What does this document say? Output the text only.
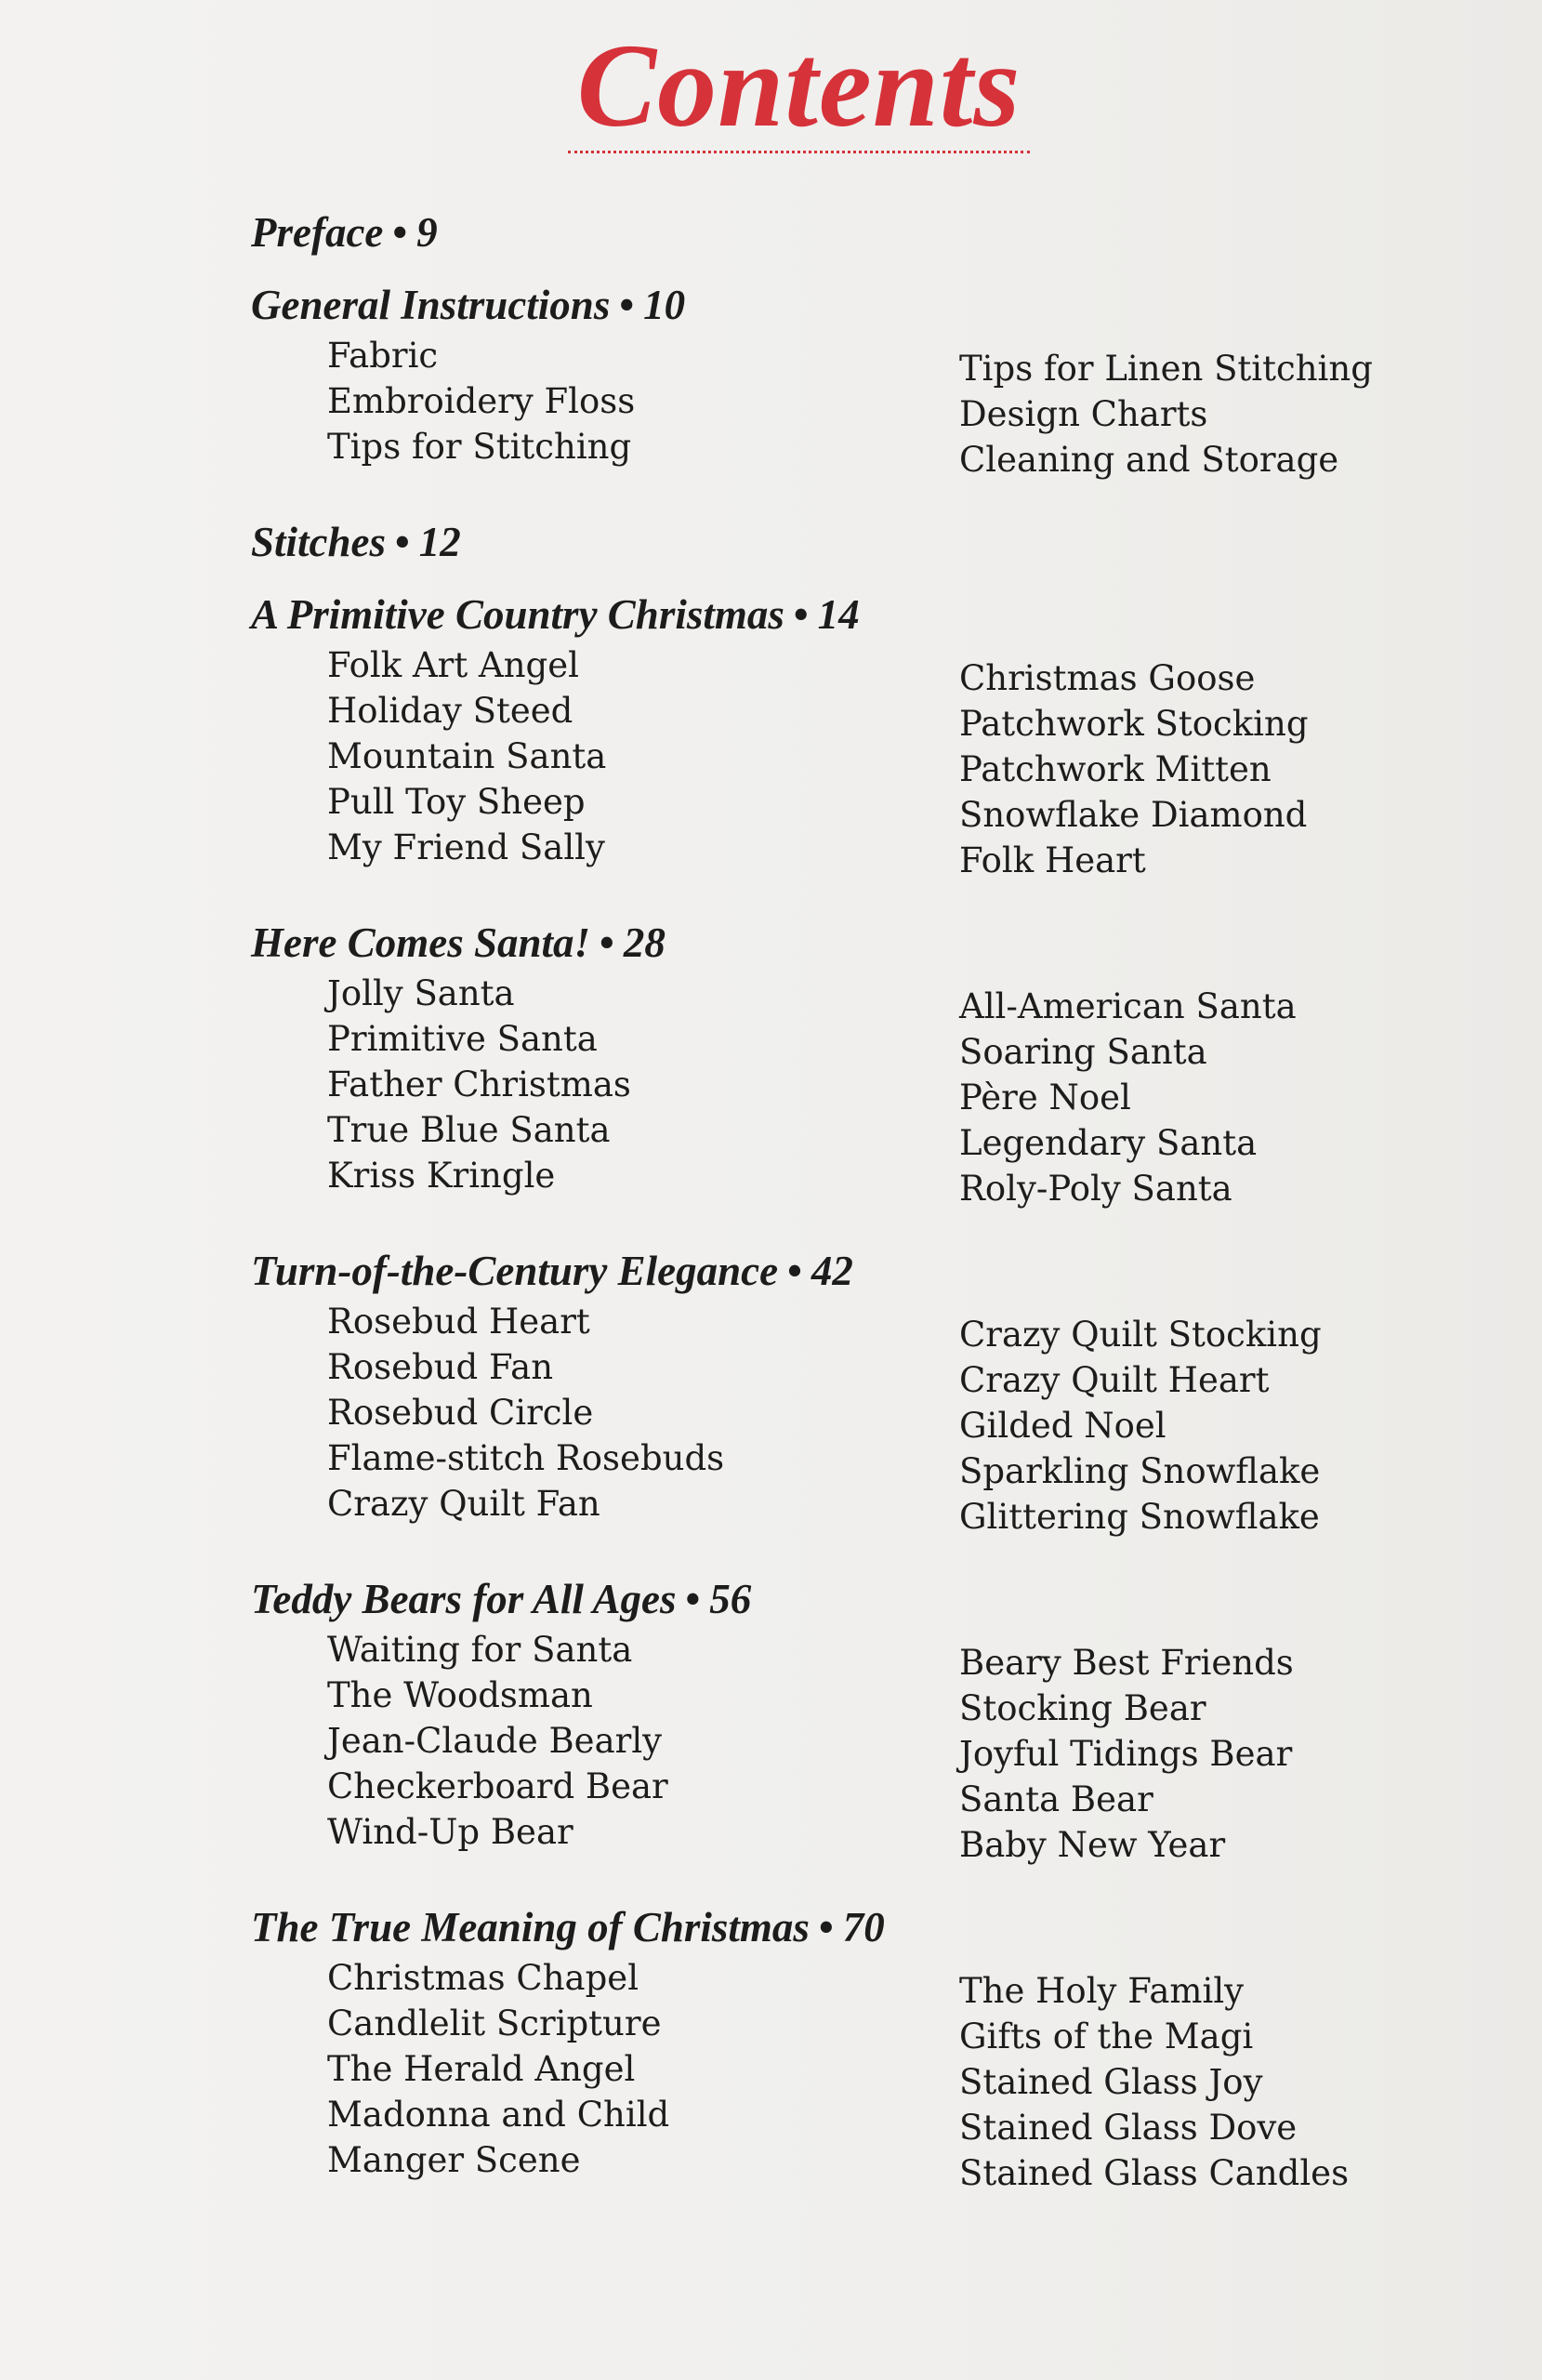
Contents
Preface • 9
General Instructions • 10
Fabric
Embroidery Floss
Tips for Stitching
Tips for Linen Stitching
Design Charts
Cleaning and Storage
Stitches • 12
A Primitive Country Christmas • 14
Folk Art Angel
Holiday Steed
Mountain Santa
Pull Toy Sheep
My Friend Sally
Christmas Goose
Patchwork Stocking
Patchwork Mitten
Snowflake Diamond
Folk Heart
Here Comes Santa! • 28
Jolly Santa
Primitive Santa
Father Christmas
True Blue Santa
Kriss Kringle
All-American Santa
Soaring Santa
Père Noel
Legendary Santa
Roly-Poly Santa
Turn-of-the-Century Elegance • 42
Rosebud Heart
Rosebud Fan
Rosebud Circle
Flame-stitch Rosebuds
Crazy Quilt Fan
Crazy Quilt Stocking
Crazy Quilt Heart
Gilded Noel
Sparkling Snowflake
Glittering Snowflake
Teddy Bears for All Ages • 56
Waiting for Santa
The Woodsman
Jean-Claude Bearly
Checkerboard Bear
Wind-Up Bear
Beary Best Friends
Stocking Bear
Joyful Tidings Bear
Santa Bear
Baby New Year
The True Meaning of Christmas • 70
Christmas Chapel
Candlelit Scripture
The Herald Angel
Madonna and Child
Manger Scene
The Holy Family
Gifts of the Magi
Stained Glass Joy
Stained Glass Dove
Stained Glass Candles
